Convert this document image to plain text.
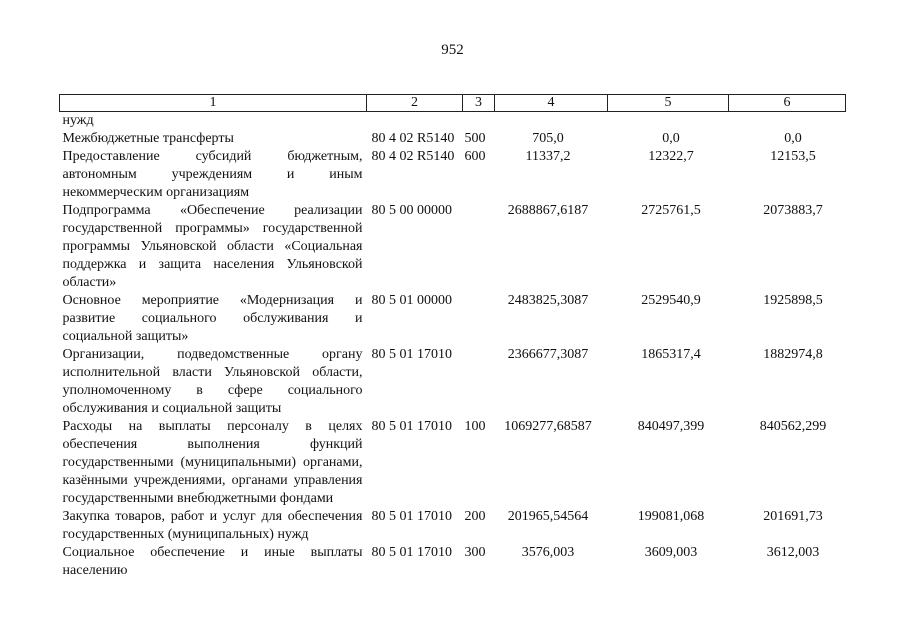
952
1	2	3	4	5	6
нужд					
Межбюджетные трансферты	80 4 02 R5140	500	705,0	0,0	0,0
Предоставление субсидий бюджетным, автономным учреждениям и иным некоммерческим организациям	80 4 02 R5140	600	11337,2	12322,7	12153,5
Подпрограмма «Обеспечение реализации государственной программы» государственной программы Ульяновской области «Социальная поддержка и защита населения Ульяновской области»	80 5 00 00000		2688867,6187	2725761,5	2073883,7
Основное мероприятие «Модернизация и развитие социального обслуживания и социальной защиты»	80 5 01 00000		2483825,3087	2529540,9	1925898,5
Организации, подведомственные органу исполнительной власти Ульяновской области, уполномоченному в сфере социального обслуживания и социальной защиты	80 5 01 17010		2366677,3087	1865317,4	1882974,8
Расходы на выплаты персоналу в целях обеспечения выполнения функций государственными (муниципальными) органами, казёнными учреждениями, органами управления государственными внебюджетными фондами	80 5 01 17010	100	1069277,68587	840497,399	840562,299
Закупка товаров, работ и услуг для обеспечения государственных (муниципальных) нужд	80 5 01 17010	200	201965,54564	199081,068	201691,73
Социальное обеспечение и иные выплаты населению	80 5 01 17010	300	3576,003	3609,003	3612,003
